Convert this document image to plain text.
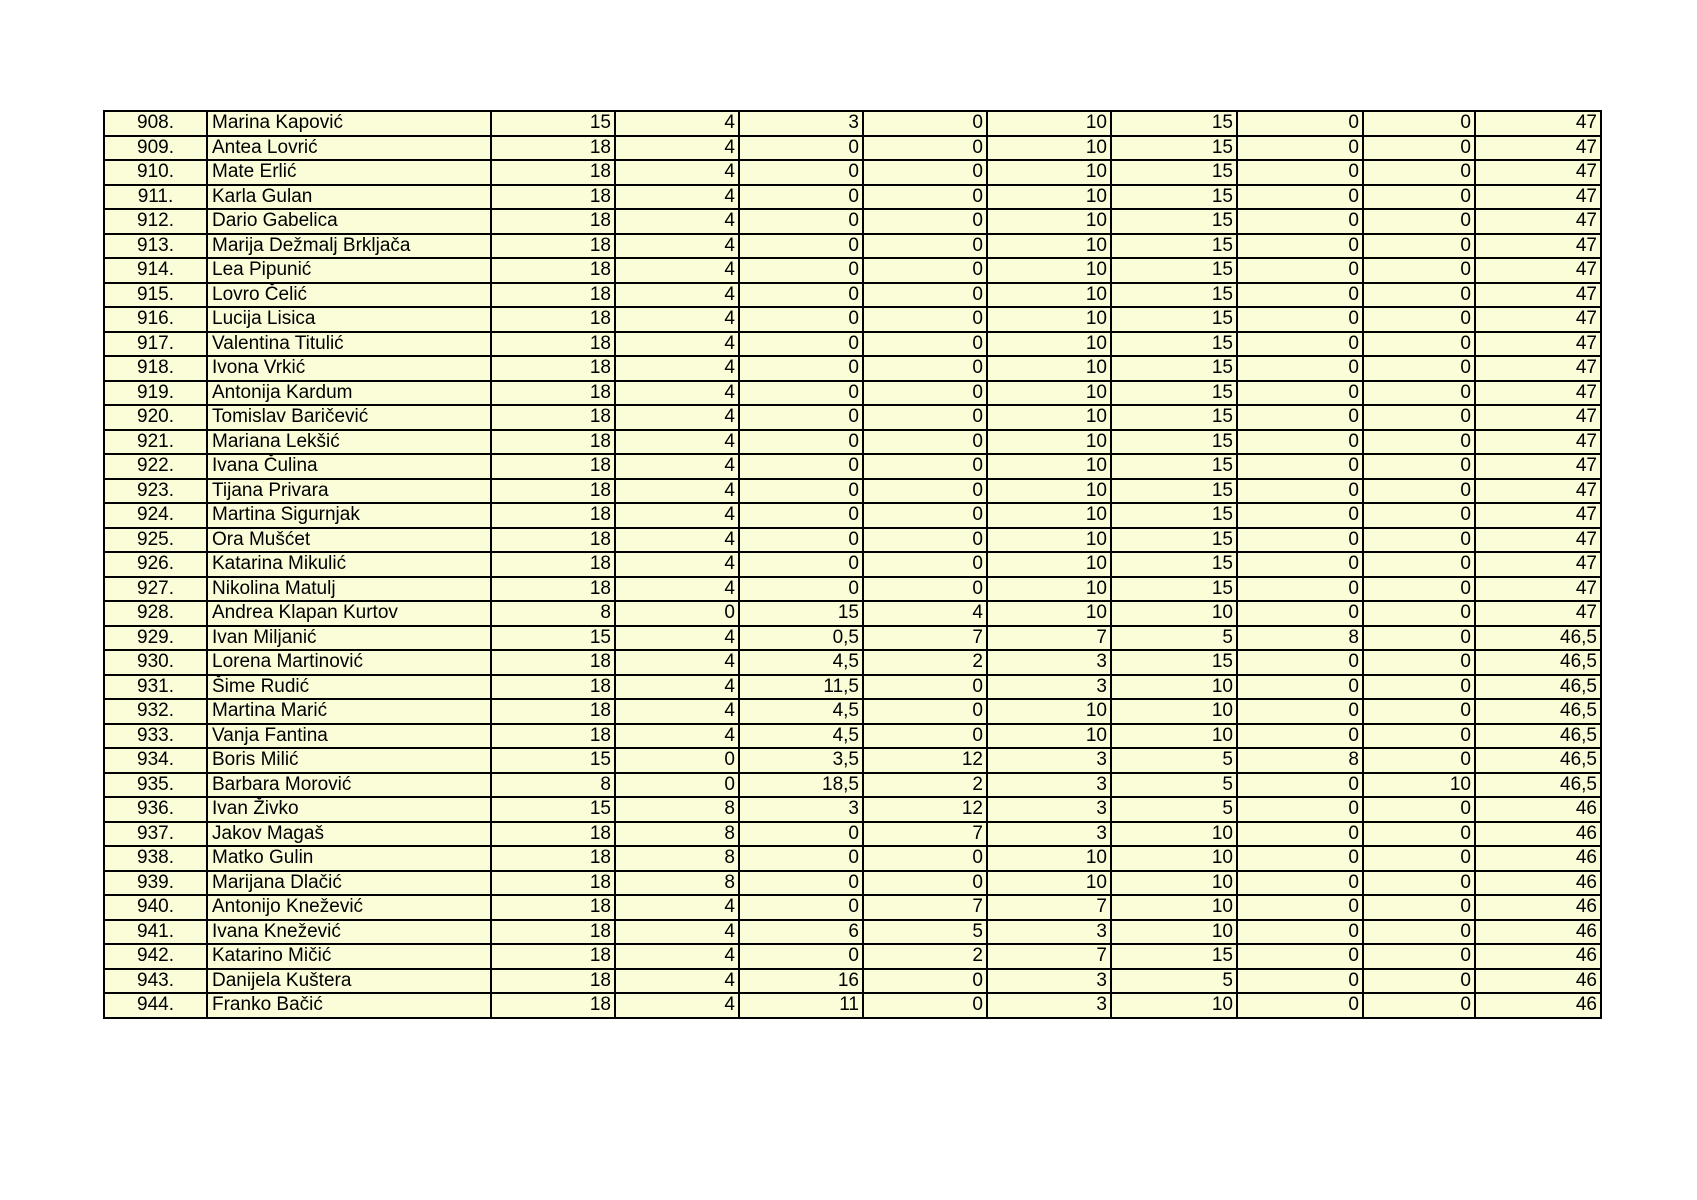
908.	Marina Kapović	15	4	3	0	10	15	0	0	47
909.	Antea Lovrić	18	4	0	0	10	15	0	0	47
910.	Mate Erlić	18	4	0	0	10	15	0	0	47
911.	Karla Gulan	18	4	0	0	10	15	0	0	47
912.	Dario Gabelica	18	4	0	0	10	15	0	0	47
913.	Marija Dežmalj Brkljača	18	4	0	0	10	15	0	0	47
914.	Lea Pipunić	18	4	0	0	10	15	0	0	47
915.	Lovro Čelić	18	4	0	0	10	15	0	0	47
916.	Lucija Lisica	18	4	0	0	10	15	0	0	47
917.	Valentina Titulić	18	4	0	0	10	15	0	0	47
918.	Ivona Vrkić	18	4	0	0	10	15	0	0	47
919.	Antonija Kardum	18	4	0	0	10	15	0	0	47
920.	Tomislav Baričević	18	4	0	0	10	15	0	0	47
921.	Mariana Lekšić	18	4	0	0	10	15	0	0	47
922.	Ivana Čulina	18	4	0	0	10	15	0	0	47
923.	Tijana Privara	18	4	0	0	10	15	0	0	47
924.	Martina Sigurnjak	18	4	0	0	10	15	0	0	47
925.	Ora Mušćet	18	4	0	0	10	15	0	0	47
926.	Katarina Mikulić	18	4	0	0	10	15	0	0	47
927.	Nikolina Matulj	18	4	0	0	10	15	0	0	47
928.	Andrea Klapan Kurtov	8	0	15	4	10	10	0	0	47
929.	Ivan Miljanić	15	4	0,5	7	7	5	8	0	46,5
930.	Lorena Martinović	18	4	4,5	2	3	15	0	0	46,5
931.	Šime Rudić	18	4	11,5	0	3	10	0	0	46,5
932.	Martina Marić	18	4	4,5	0	10	10	0	0	46,5
933.	Vanja Fantina	18	4	4,5	0	10	10	0	0	46,5
934.	Boris Milić	15	0	3,5	12	3	5	8	0	46,5
935.	Barbara Morović	8	0	18,5	2	3	5	0	10	46,5
936.	Ivan Živko	15	8	3	12	3	5	0	0	46
937.	Jakov Magaš	18	8	0	7	3	10	0	0	46
938.	Matko Gulin	18	8	0	0	10	10	0	0	46
939.	Marijana Dlačić	18	8	0	0	10	10	0	0	46
940.	Antonijo Knežević	18	4	0	7	7	10	0	0	46
941.	Ivana Knežević	18	4	6	5	3	10	0	0	46
942.	Katarino Mičić	18	4	0	2	7	15	0	0	46
943.	Danijela Kuštera	18	4	16	0	3	5	0	0	46
944.	Franko Bačić	18	4	11	0	3	10	0	0	46
